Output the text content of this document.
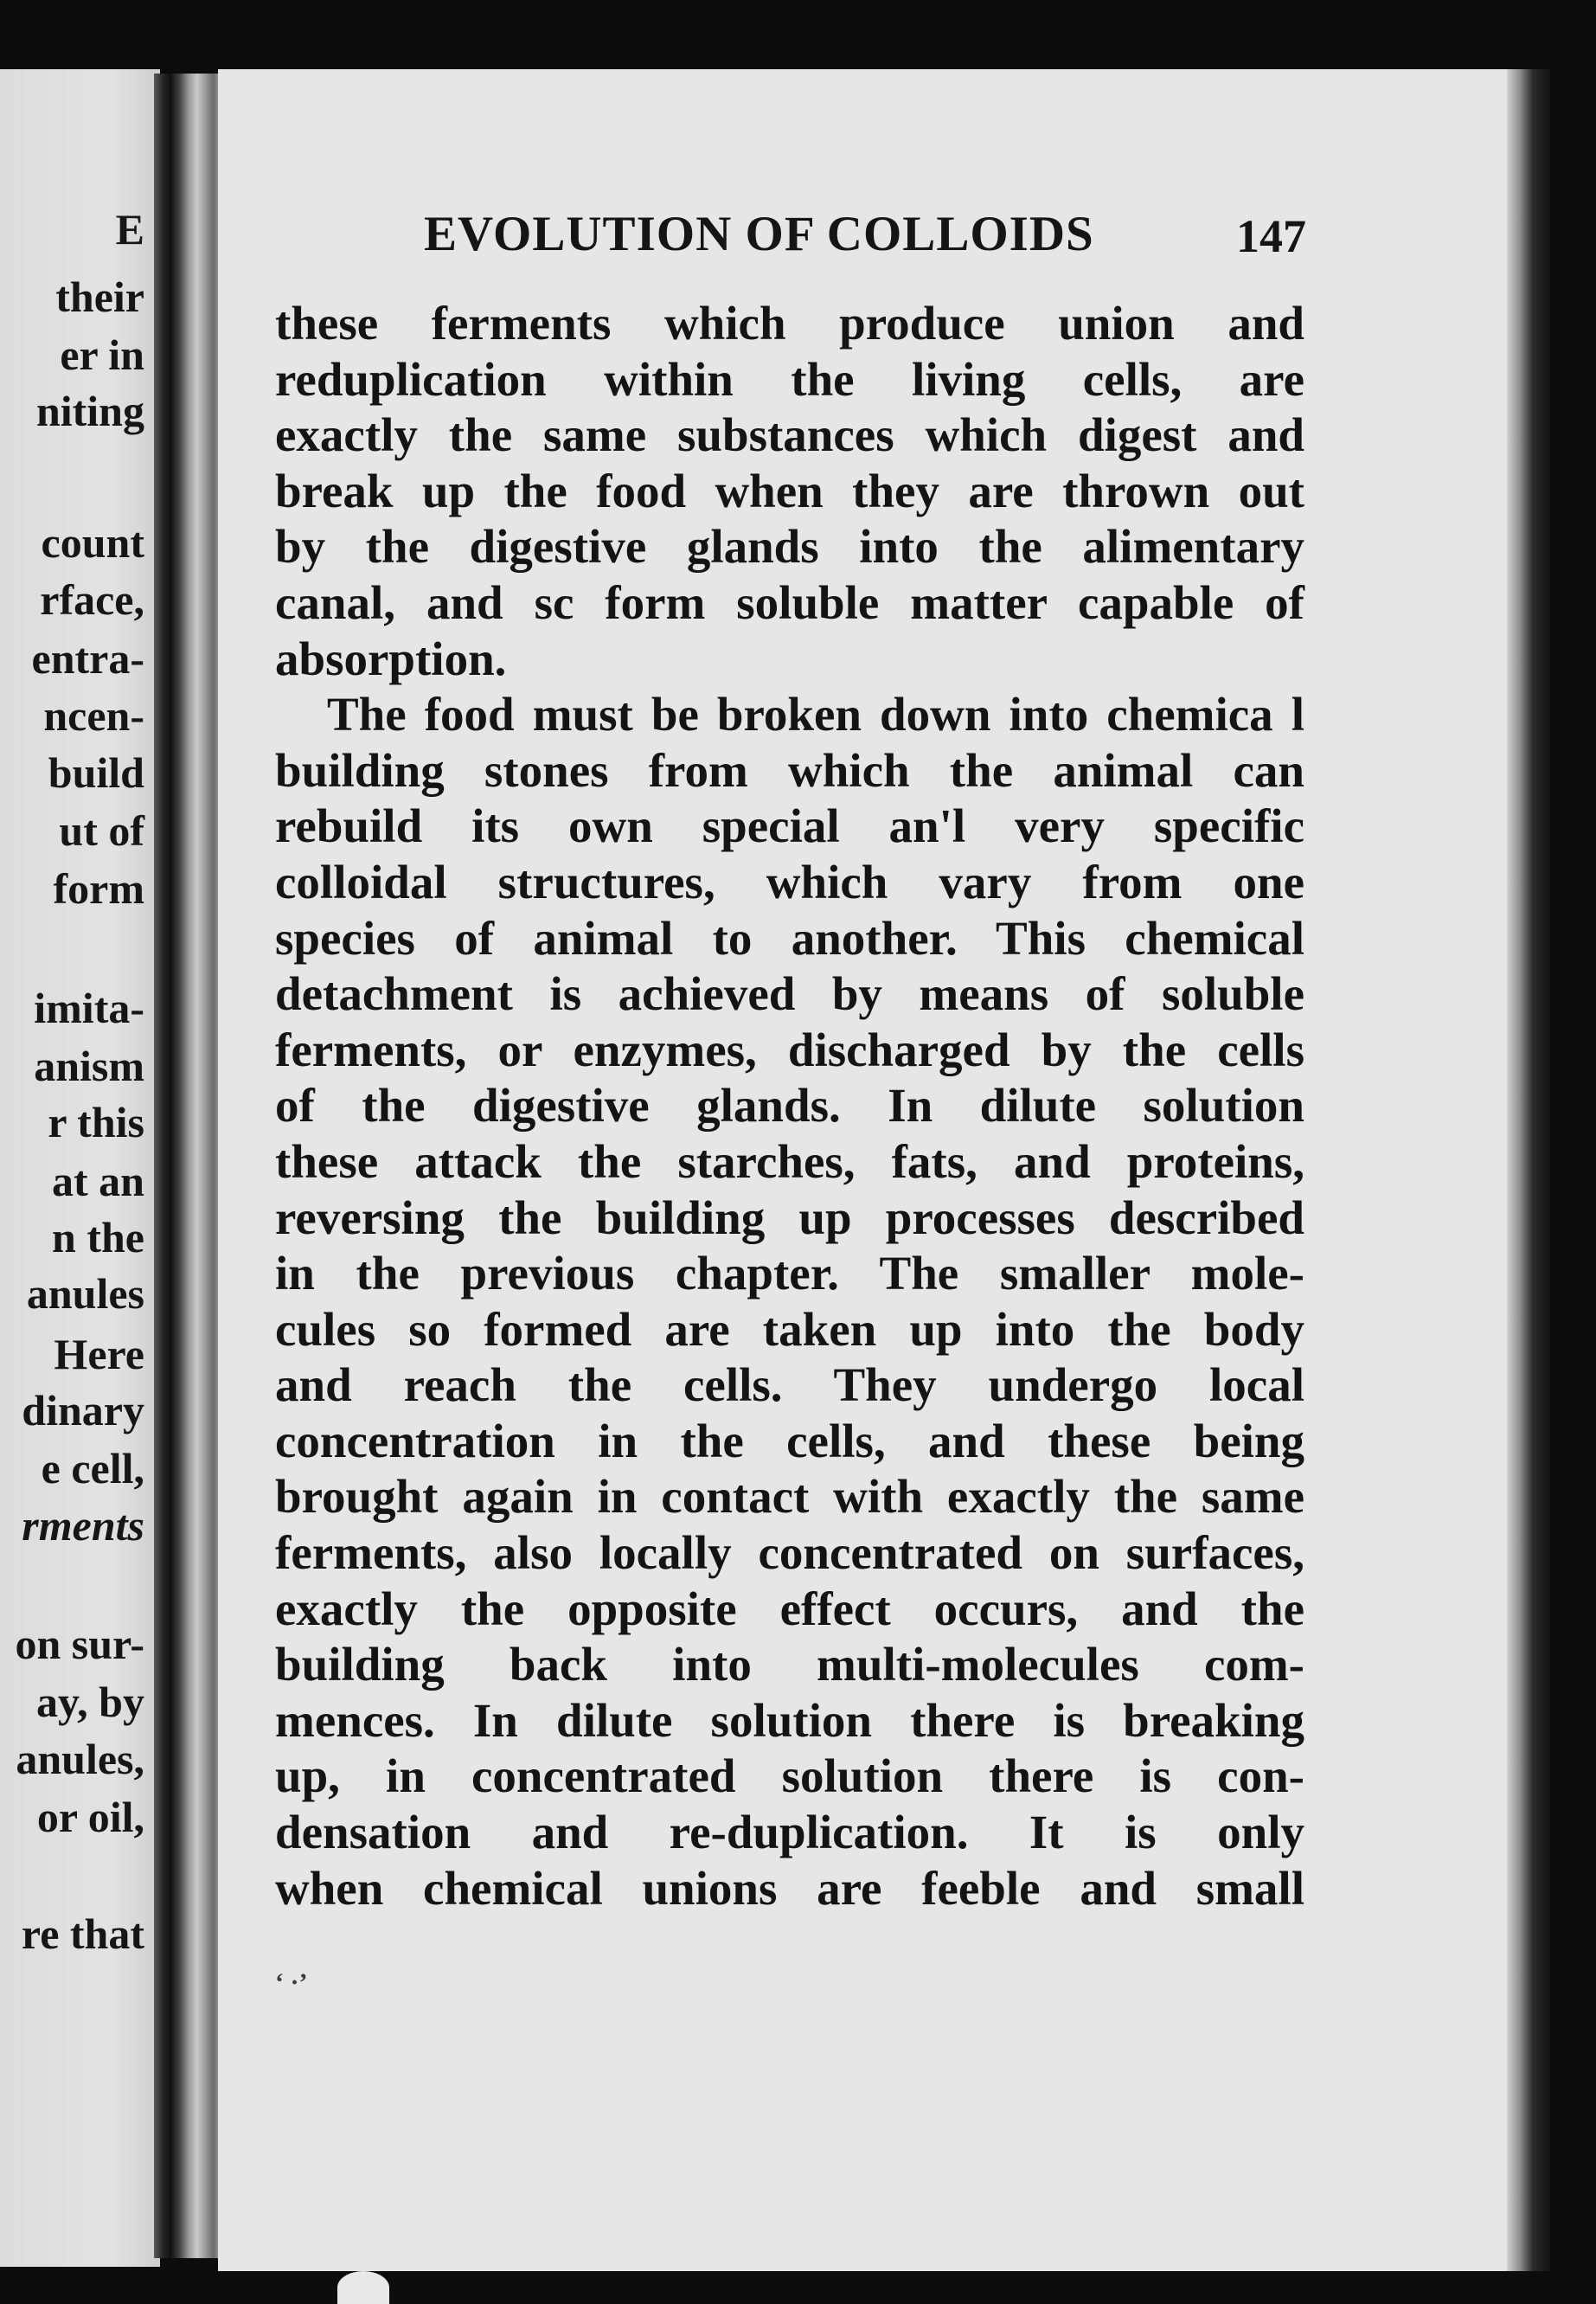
E
their
er in
niting
count
rface,
entra-
ncen-
build
ut of
form
imita-
anism
r this
at an
n the
anules
Here
dinary
e cell,
rments
on sur-
ay, by
anules,
or oil,
re that
EVOLUTION OF COLLOIDS	147
these ferments which produce union and
reduplication within the living cells, are
exactly the same substances which digest and
break up the food when they are thrown out
by the digestive glands into the alimentary
canal, and sc form soluble matter capable of
absorption.
The food must be broken down into chemica l
building stones from which the animal can
rebuild its own special an'l very specific
colloidal structures, which vary from one
species of animal to another. This chemical
detachment is achieved by means of soluble
ferments, or enzymes, discharged by the cells
of the digestive glands. In dilute solution
these attack the starches, fats, and proteins,
reversing the building up processes described
in the previous chapter. The smaller mole-
cules so formed are taken up into the body
and reach the cells. They undergo local
concentration in the cells, and these being
brought again in contact with exactly the same
ferments, also locally concentrated on surfaces,
exactly the opposite effect occurs, and the
building back into multi-molecules com-
mences. In dilute solution there is breaking
up, in concentrated solution there is con-
densation and re-duplication. It is only
when chemical unions are feeble and small
‘ ·’
